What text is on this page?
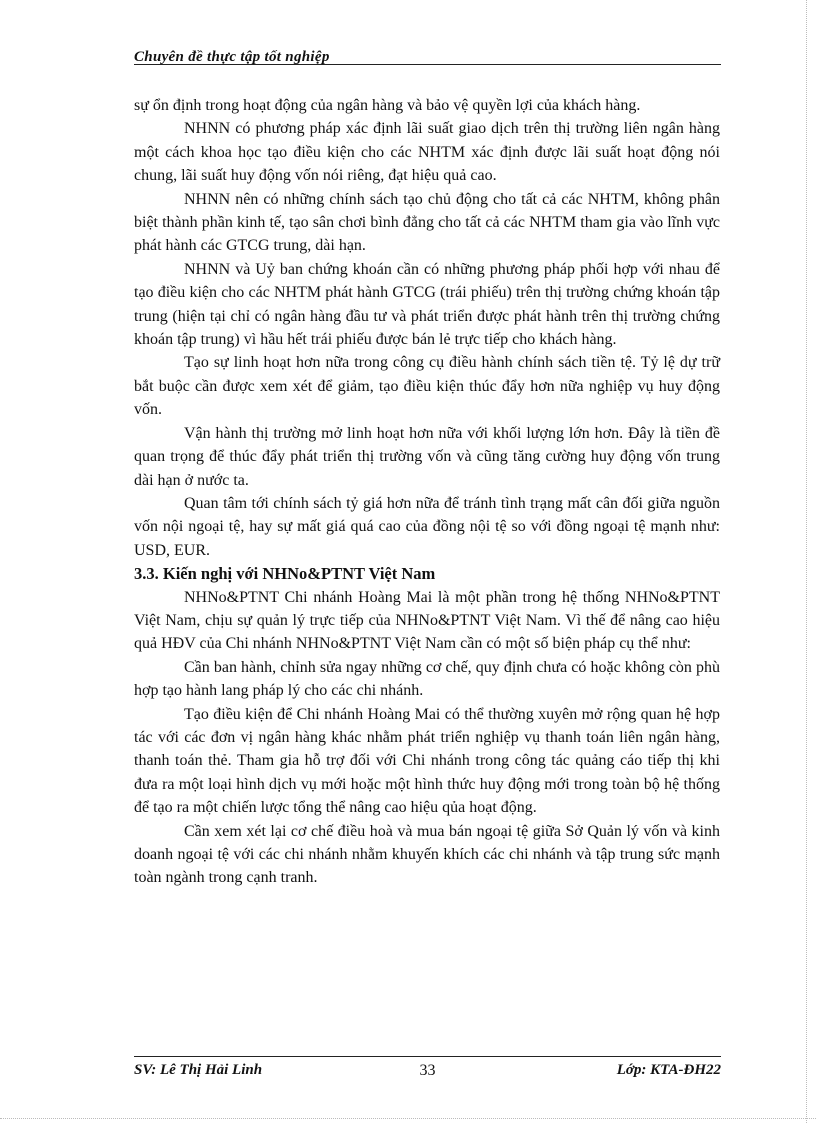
Chuyên đề thực tập tốt nghiệp

sự ổn định trong hoạt động của ngân hàng và bảo vệ quyền lợi của khách hàng.

NHNN có phương pháp xác định lãi suất giao dịch trên thị trường liên ngân hàng một cách khoa học tạo điều kiện cho các NHTM xác định được lãi suất hoạt động nói chung, lãi suất huy động vốn nói riêng, đạt hiệu quả cao.

NHNN nên có những chính sách tạo chủ động cho tất cả các NHTM, không phân biệt thành phần kinh tế, tạo sân chơi bình đẳng cho tất cả các NHTM tham gia vào lĩnh vực phát hành các GTCG trung, dài hạn.

NHNN và Uỷ ban chứng khoán cần có những phương pháp phối hợp với nhau để tạo điều kiện cho các NHTM phát hành GTCG (trái phiếu) trên thị trường chứng khoán tập trung (hiện tại chỉ có ngân hàng đầu tư và phát triển được phát hành trên thị trường chứng khoán tập trung) vì hầu hết trái phiếu được bán lẻ trực tiếp cho khách hàng.

Tạo sự linh hoạt hơn nữa trong công cụ điều hành chính sách tiền tệ. Tỷ lệ dự trữ bắt buộc cần được xem xét để giảm, tạo điều kiện thúc đẩy hơn nữa nghiệp vụ huy động vốn.

Vận hành thị trường mở linh hoạt hơn nữa với khối lượng lớn hơn. Đây là tiền đề quan trọng để thúc đẩy phát triển thị trường vốn và cũng tăng cường huy động vốn trung dài hạn ở nước ta.

Quan tâm tới chính sách tỷ giá hơn nữa để tránh tình trạng mất cân đối giữa nguồn vốn nội ngoại tệ, hay sự mất giá quá cao của đồng nội tệ so với đồng ngoại tệ mạnh như: USD, EUR.

3.3. Kiến nghị với NHNo&PTNT Việt Nam

NHNo&PTNT Chi nhánh Hoàng Mai là một phần trong hệ thống NHNo&PTNT Việt Nam, chịu sự quản lý trực tiếp của NHNo&PTNT Việt Nam. Vì thế để nâng cao hiệu quả HĐV của Chi nhánh NHNo&PTNT Việt Nam cần có một số biện pháp cụ thể như:

Cần ban hành, chỉnh sửa ngay những cơ chế, quy định chưa có hoặc không còn phù hợp tạo hành lang pháp lý cho các chi nhánh.

Tạo điều kiện để Chi nhánh Hoàng Mai có thể thường xuyên mở rộng quan hệ hợp tác với các đơn vị ngân hàng khác nhằm phát triển nghiệp vụ thanh toán liên ngân hàng, thanh toán thẻ. Tham gia hỗ trợ đối với Chi nhánh trong công tác quảng cáo tiếp thị khi đưa ra một loại hình dịch vụ mới hoặc một hình thức huy động mới trong toàn bộ hệ thống để tạo ra một chiến lược tổng thể nâng cao hiệu qủa hoạt động.

Cần xem xét lại cơ chế điều hoà và mua bán ngoại tệ giữa Sở Quản lý vốn và kinh doanh ngoại tệ với các chi nhánh nhằm khuyến khích các chi nhánh và tập trung sức mạnh toàn ngành trong cạnh tranh.

SV: Lê Thị Hải Linh	33	Lớp: KTA-ĐH22
